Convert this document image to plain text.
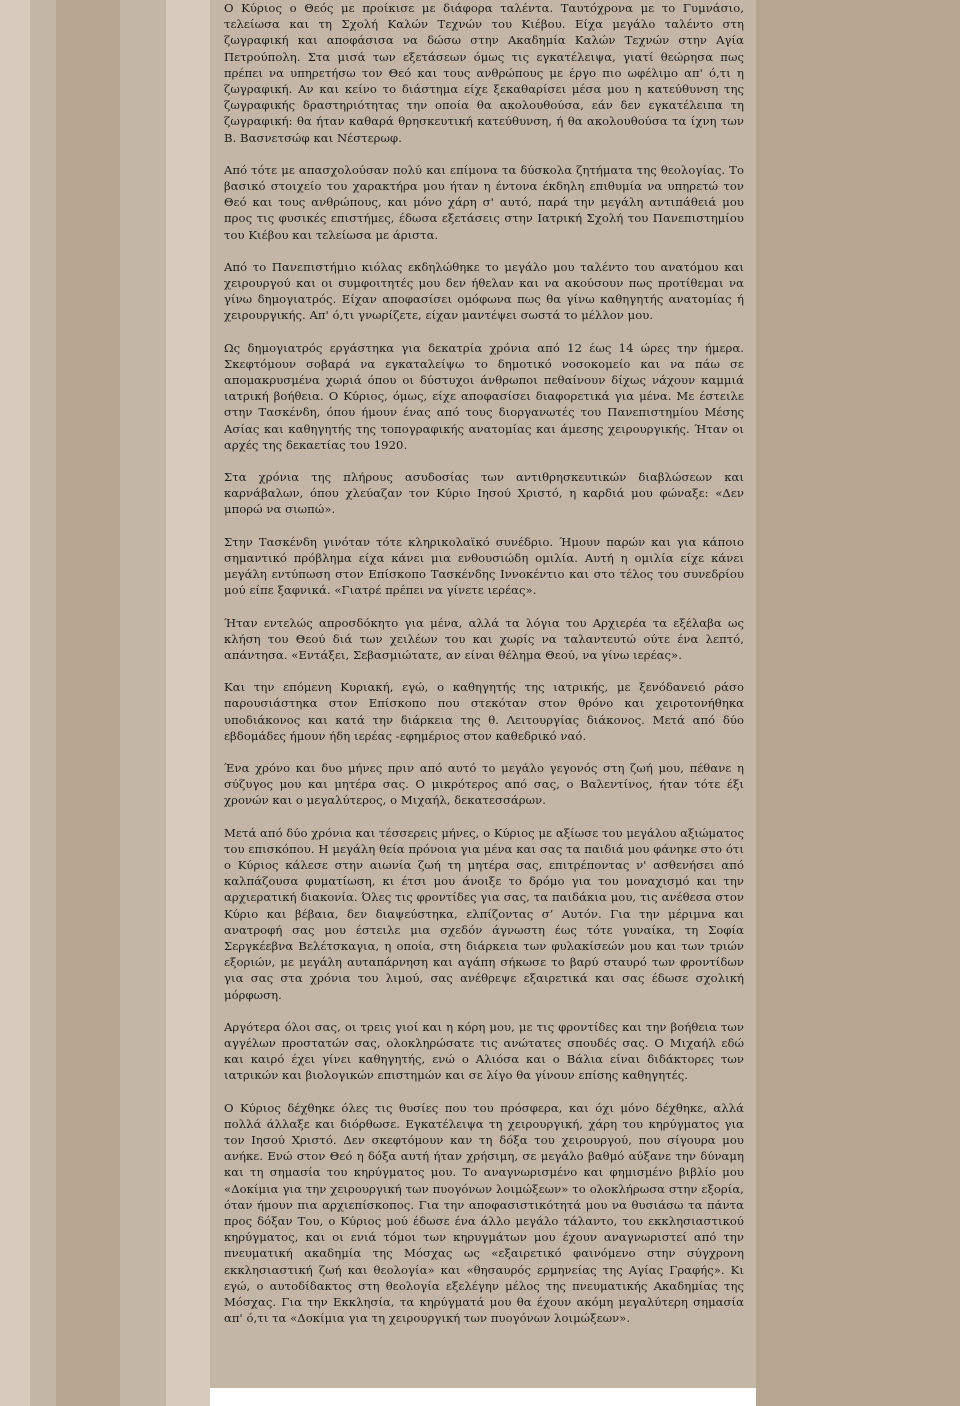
Ο Κύριος ο Θεός με προίκισε με διάφορα ταλέντα. Ταυτόχρονα με το Γυμνάσιο, τελείωσα και τη Σχολή Καλών Τεχνών του Κιέβου. Είχα μεγάλο ταλέντο στη ζωγραφική και αποφάσισα να δώσω στην Ακαδημία Καλών Τεχνών στην Αγία Πετρούπολη. Στα μισά των εξετάσεων όμως τις εγκατέλειψα, γιατί θεώρησα πως πρέπει να υπηρετήσω τον Θεό και τους ανθρώπους με έργο πιο ωφέλιμο απ' ό,τι η ζωγραφική. Αν και κείνο το διάστημα είχε ξεκαθαρίσει μέσα μου η κατεύθυνση της ζωγραφικής δραστηριότητας την οποία θα ακολουθούσα, εάν δεν εγκατέλειπα τη ζωγραφική: θα ήταν καθαρά θρησκευτική κατεύθυνση, ή θα ακολουθούσα τα ίχνη των Β. Βασνετσώφ και Νέστερωφ.

Από τότε με απασχολούσαν πολύ και επίμονα τα δύσκολα ζητήματα της θεολογίας. Το βασικό στοιχείο του χαρακτήρα μου ήταν η έντονα έκδηλη επιθυμία να υπηρετώ τον Θεό και τους ανθρώπους, και μόνο χάρη σ' αυτό, παρά την μεγάλη αντιπάθειά μου προς τις φυσικές επιστήμες, έδωσα εξετάσεις στην Ιατρική Σχολή του Πανεπιστημίου του Κιέβου και τελείωσα με άριστα.

Από το Πανεπιστήμιο κιόλας εκδηλώθηκε το μεγάλο μου ταλέντο του ανατόμου και χειρουργού και οι συμφοιτητές μου δεν ήθελαν και να ακούσουν πως προτίθεμαι να γίνω δημογιατρός. Είχαν αποφασίσει ομόφωνα πως θα γίνω καθηγητής ανατομίας ή χειρουργικής. Απ' ό,τι γνωρίζετε, είχαν μαντέψει σωστά το μέλλον μου.

Ως δημογιατρός εργάστηκα για δεκατρία χρόνια από 12 έως 14 ώρες την ήμερα. Σκεφτόμουν σοβαρά να εγκαταλείψω το δημοτικό νοσοκομείο και να πάω σε απομακρυσμένα χωριά όπου οι δύστυχοι άνθρωποι πεθαίνουν δίχως νάχουν καμμιά ιατρική βοήθεια. Ο Κύριος, όμως, είχε αποφασίσει διαφορετικά για μένα. Με έστειλε στην Τασκένδη, όπου ήμουν ένας από τους διοργανωτές του Πανεπιστημίου Μέσης Ασίας και καθηγητής της τοπογραφικής ανατομίας και άμεσης χειρουργικής. Ήταν οι αρχές της δεκαετίας του 1920.

Στα χρόνια της πλήρους ασυδοσίας των αντιθρησκευτικών διαβλώσεων και καρνάβαλων, όπου χλεύαζαν τον Κύριο Ιησού Χριστό, η καρδιά μου φώναξε: «Δεν μπορώ να σιωπώ».

Στην Τασκένδη γινόταν τότε κληρικολαϊκό συνέδριο. Ήμουν παρών και για κάποιο σημαντικό πρόβλημα είχα κάνει μια ενθουσιώδη ομιλία. Αυτή η ομιλία είχε κάνει μεγάλη εντύπωση στον Επίσκοπο Τασκένδης Ιννοκέντιο και στο τέλος του συνεδρίου μού είπε ξαφνικά. «Γιατρέ πρέπει να γίνετε ιερέας».

Ήταν εντελώς απροσδόκητο για μένα, αλλά τα λόγια του Αρχιερέα τα εξέλαβα ως κλήση του Θεού διά των χειλέων του και χωρίς να ταλαντευτώ ούτε ένα λεπτό, απάντησα. «Εντάξει, Σεβασμιώτατε, αν είναι θέλημα Θεού, να γίνω ιερέας».

Και την επόμενη Κυριακή, εγώ, ο καθηγητής της ιατρικής, με ξενόδανειό ράσο παρουσιάστηκα στον Επίσκοπο που στεκόταν στον θρόνο και χειροτονήθηκα υποδιάκονος και κατά την διάρκεια της θ. Λειτουργίας διάκονος. Μετά από δύο εβδομάδες ήμουν ήδη ιερέας -εφημέριος στον καθεδρικό ναό.

Ένα χρόνο και δυο μήνες πριν από αυτό το μεγάλο γεγονός στη ζωή μου, πέθανε η σύζυγος μου και μητέρα σας. Ο μικρότερος από σας, ο Βαλεντίνος, ήταν τότε έξι χρονών και ο μεγαλύτερος, ο Μιχαήλ, δεκατεσσάρων.

Μετά από δύο χρόνια και τέσσερεις μήνες, ο Κύριος με αξίωσε του μεγάλου αξιώματος του επισκόπου. Η μεγάλη θεία πρόνοια για μένα και σας τα παιδιά μου φάνηκε στο ότι ο Κύριος κάλεσε στην αιωνία ζωή τη μητέρα σας, επιτρέποντας ν' ασθενήσει από καλπάζουσα φυματίωση, κι έτσι μου άνοιξε το δρόμο για του μοναχισμό και την αρχιερατική διακονία. Όλες τις φροντίδες για σας, τα παιδάκια μου, τις ανέθεσα στον Κύριο και βέβαια, δεν διαψεύστηκα, ελπίζοντας σ’ Αυτόν. Για την μέριμνα και ανατροφή σας μου έστειλε μια σχεδόν άγνωστη έως τότε γυναίκα, τη Σοφία Σεργκέεβνα Βελέτσκαγια, η οποία, στη διάρκεια των φυλακίσεών μου και των τριών εξοριών, με μεγάλη αυταπάρνηση και αγάπη σήκωσε το βαρύ σταυρό των φροντίδων για σας στα χρόνια του λιμού, σας ανέθρεψε εξαιρετικά και σας έδωσε σχολική μόρφωση.

Αργότερα όλοι σας, οι τρεις γιοί και η κόρη μου, με τις φροντίδες και την βοήθεια των αγγέλων προστατών σας, ολοκληρώσατε τις ανώτατες σπουδές σας. Ο Μιχαήλ εδώ και καιρό έχει γίνει καθηγητής, ενώ ο Αλιόσα και ο Βάλια είναι διδάκτορες των ιατρικών και βιολογικών επιστημών και σε λίγο θα γίνουν επίσης καθηγητές.

Ο Κύριος δέχθηκε όλες τις θυσίες που του πρόσφερα, και όχι μόνο δέχθηκε, αλλά πολλά άλλαξε και διόρθωσε. Εγκατέλειψα τη χειρουργική, χάρη του κηρύγματος για τον Ιησού Χριστό. Δεν σκεφτόμουν καν τη δόξα του χειρουργού, που σίγουρα μου ανήκε. Ενώ στον Θεό η δόξα αυτή ήταν χρήσιμη, σε μεγάλο βαθμό αύξανε την δύναμη και τη σημασία του κηρύγματος μου. Το αναγνωρισμένο και φημισμένο βιβλίο μου «Δοκίμια για την χειρουργική των πυογόνων λοιμώξεων» το ολοκλήρωσα στην εξορία, όταν ήμουν πια αρχιεπίσκοπος. Για την αποφασιστικότητά μου να θυσιάσω τα πάντα προς δόξαν Του, ο Κύριος μού έδωσε ένα άλλο μεγάλο τάλαντο, του εκκλησιαστικού κηρύγματος, και οι ενιά τόμοι των κηρυγμάτων μου έχουν αναγνωριστεί από την πνευματική ακαδημία της Μόσχας ως «εξαιρετικό φαινόμενο στην σύγχρονη εκκλησιαστική ζωή και θεολογία» και «θησαυρός ερμηνείας της Αγίας Γραφής». Κι εγώ, ο αυτοδίδακτος στη θεολογία εξελέγην μέλος της πνευματικής Ακαδημίας της Μόσχας. Για την Εκκλησία, τα κηρύγματά μου θα έχουν ακόμη μεγαλύτερη σημασία απ' ό,τι τα «Δοκίμια για τη χειρουργική των πυογόνων λοιμώξεων».
